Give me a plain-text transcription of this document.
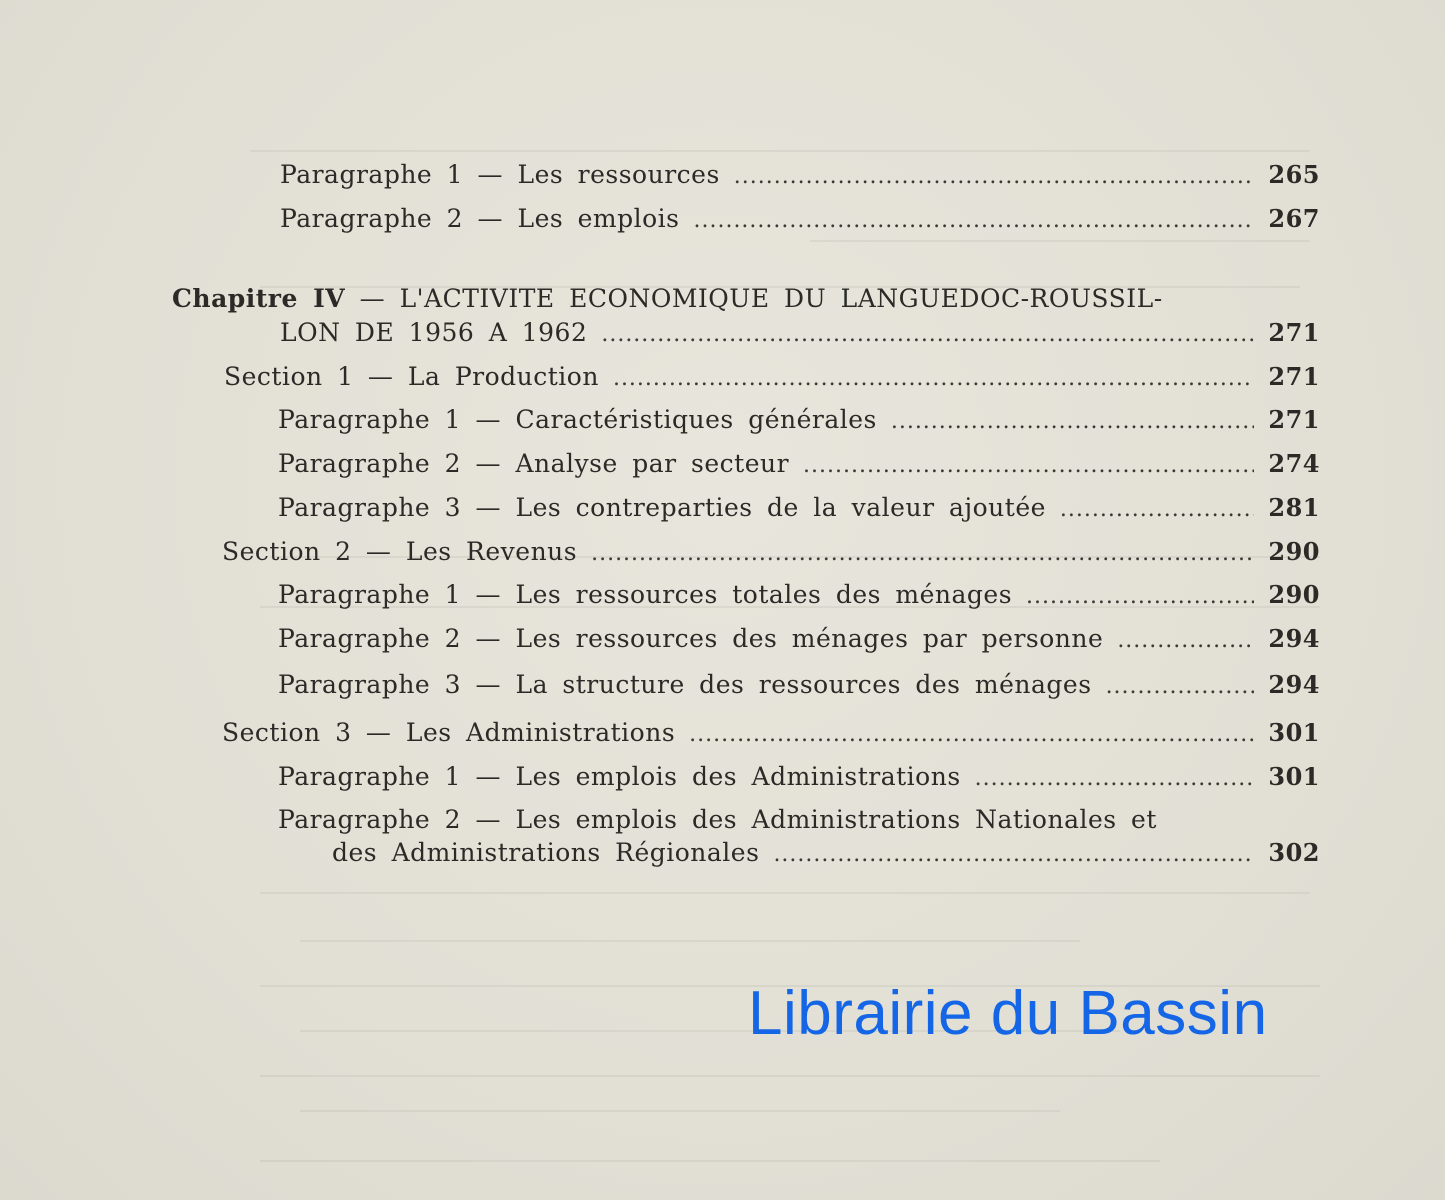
Paragraphe 1 — Les ressources . . .	265
Paragraphe 2 — Les emplois . . .	267
Chapitre IV — L'ACTIVITE ECONOMIQUE DU LANGUEDOC-ROUSSIL-
LON DE 1956 A 1962 . . .	271
Section 1 — La Production . . .	271
Paragraphe 1 — Caractéristiques générales . . .	271
Paragraphe 2 — Analyse par secteur . . .	274
Paragraphe 3 — Les contreparties de la valeur ajoutée . . .	281
Section 2 — Les Revenus . . .	290
Paragraphe 1 — Les ressources totales des ménages . . .	290
Paragraphe 2 — Les ressources des ménages par personne . . .	294
Paragraphe 3 — La structure des ressources des ménages . . .	294
Section 3 — Les Administrations . . .	301
Paragraphe 1 — Les emplois des Administrations . . .	301
Paragraphe 2 — Les emplois des Administrations Nationales et
des Administrations Régionales . . .	302
Librairie du Bassin
